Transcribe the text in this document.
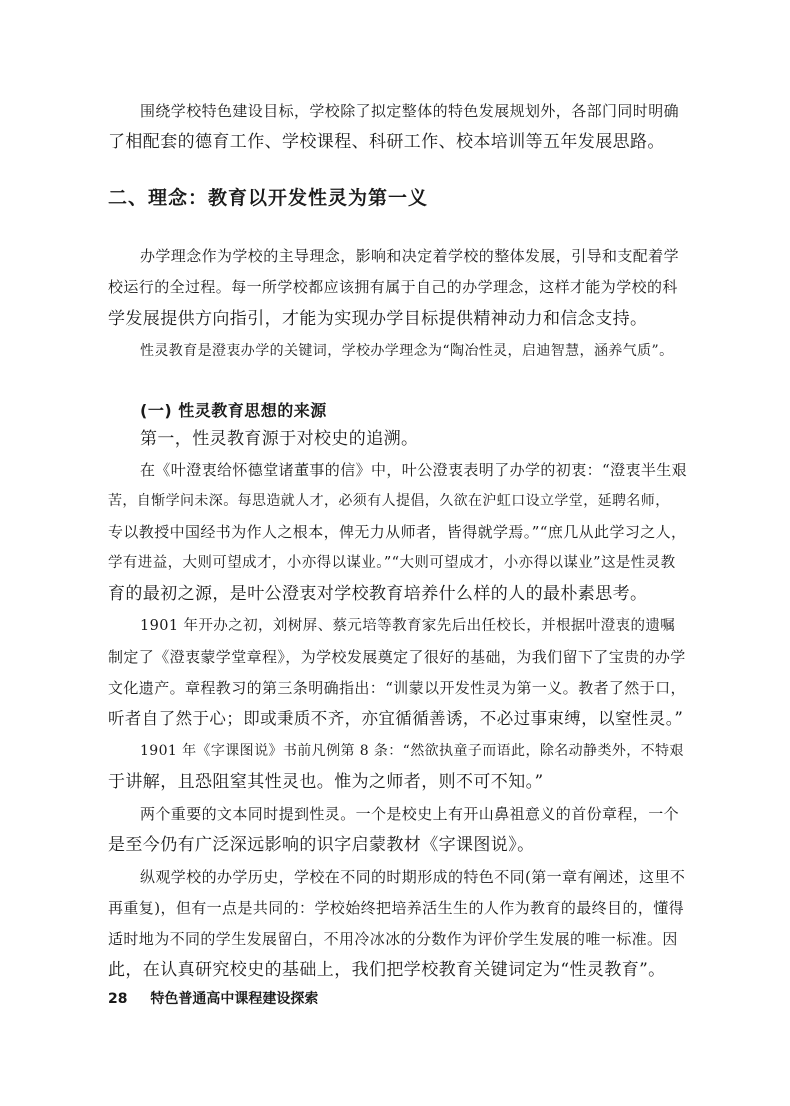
围绕学校特色建设目标，学校除了拟定整体的特色发展规划外，各部门同时明确
了相配套的德育工作、学校课程、科研工作、校本培训等五年发展思路。
二、理念：教育以开发性灵为第一义
办学理念作为学校的主导理念，影响和决定着学校的整体发展，引导和支配着学
校运行的全过程。每一所学校都应该拥有属于自己的办学理念，这样才能为学校的科
学发展提供方向指引，才能为实现办学目标提供精神动力和信念支持。
性灵教育是澄衷办学的关键词，学校办学理念为“陶冶性灵，启迪智慧，涵养气质”。
(一) 性灵教育思想的来源
第一，性灵教育源于对校史的追溯。
在《叶澄衷给怀德堂诸董事的信》中，叶公澄衷表明了办学的初衷：“澄衷半生艰
苦，自惭学问未深。每思造就人才，必须有人提倡，久欲在沪虹口设立学堂，延聘名师，
专以教授中国经书为作人之根本，俾无力从师者，皆得就学焉。”“庶几从此学习之人，
学有进益，大则可望成才，小亦得以谋业。”“大则可望成才，小亦得以谋业”这是性灵教
育的最初之源，是叶公澄衷对学校教育培养什么样的人的最朴素思考。
1901 年开办之初，刘树屏、蔡元培等教育家先后出任校长，并根据叶澄衷的遗嘱
制定了《澄衷蒙学堂章程》，为学校发展奠定了很好的基础，为我们留下了宝贵的办学
文化遗产。章程教习的第三条明确指出：“训蒙以开发性灵为第一义。教者了然于口，
听者自了然于心；即或秉质不齐，亦宜循循善诱，不必过事束缚，以窒性灵。”
1901 年《字课图说》书前凡例第 8 条：“然欲执童子而语此，除名动静类外，不特艰
于讲解，且恐阻窒其性灵也。惟为之师者，则不可不知。”
两个重要的文本同时提到性灵。一个是校史上有开山鼻祖意义的首份章程，一个
是至今仍有广泛深远影响的识字启蒙教材《字课图说》。
纵观学校的办学历史，学校在不同的时期形成的特色不同(第一章有阐述，这里不
再重复)，但有一点是共同的：学校始终把培养活生生的人作为教育的最终目的，懂得
适时地为不同的学生发展留白，不用冷冰冰的分数作为评价学生发展的唯一标准。因
此，在认真研究校史的基础上，我们把学校教育关键词定为“性灵教育”。
28 特色普通高中课程建设探索
